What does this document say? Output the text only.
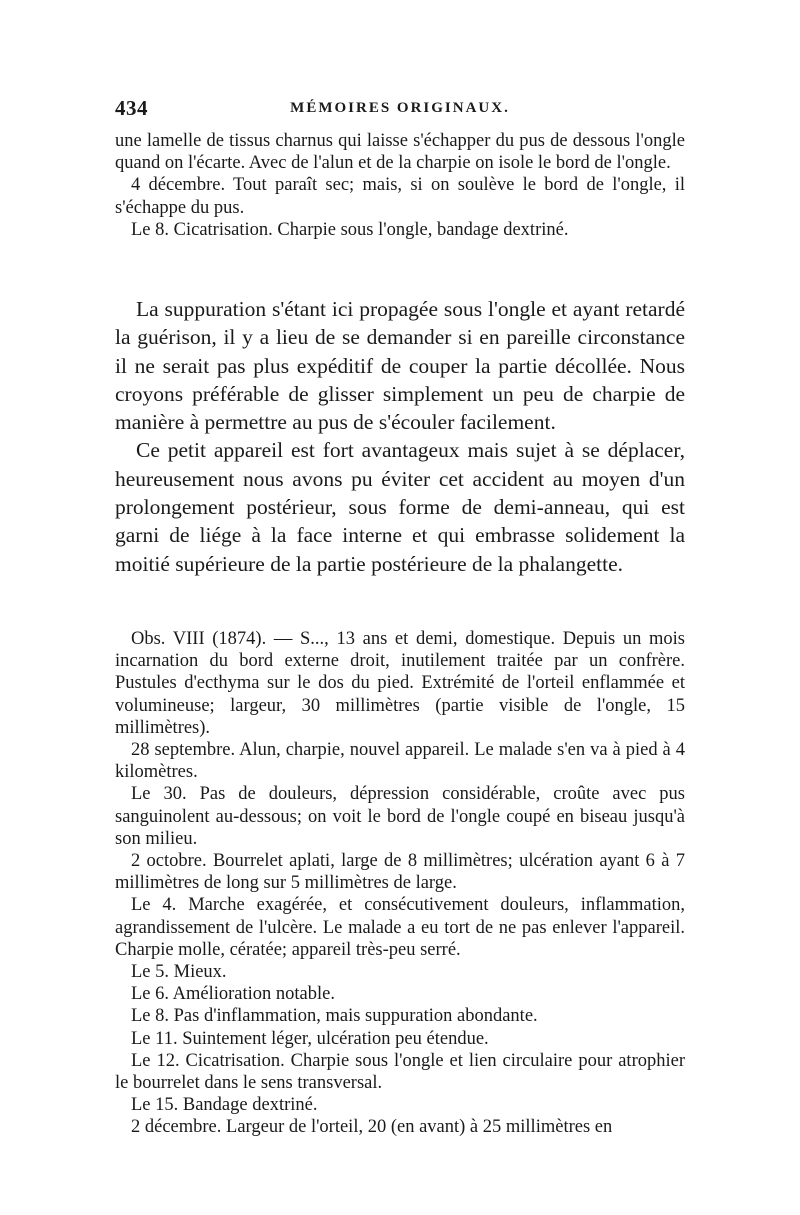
434	MÉMOIRES ORIGINAUX.

une lamelle de tissus charnus qui laisse s'échapper du pus de dessous l'ongle quand on l'écarte. Avec de l'alun et de la charpie on isole le bord de l'ongle.

4 décembre. Tout paraît sec; mais, si on soulève le bord de l'ongle, il s'échappe du pus.

Le 8. Cicatrisation. Charpie sous l'ongle, bandage dextriné.

La suppuration s'étant ici propagée sous l'ongle et ayant retardé la guérison, il y a lieu de se demander si en pareille circonstance il ne serait pas plus expéditif de couper la partie décollée. Nous croyons préférable de glisser simplement un peu de charpie de manière à permettre au pus de s'écouler facilement.

Ce petit appareil est fort avantageux mais sujet à se déplacer, heureusement nous avons pu éviter cet accident au moyen d'un prolongement postérieur, sous forme de demi-anneau, qui est garni de liége à la face interne et qui embrasse solidement la moitié supérieure de la partie postérieure de la phalangette.

Obs. VIII (1874). — S..., 13 ans et demi, domestique. Depuis un mois incarnation du bord externe droit, inutilement traitée par un confrère. Pustules d'ecthyma sur le dos du pied. Extrémité de l'orteil enflammée et volumineuse; largeur, 30 millimètres (partie visible de l'ongle, 15 millimètres).

28 septembre. Alun, charpie, nouvel appareil. Le malade s'en va à pied à 4 kilomètres.

Le 30. Pas de douleurs, dépression considérable, croûte avec pus sanguinolent au-dessous; on voit le bord de l'ongle coupé en biseau jusqu'à son milieu.

2 octobre. Bourrelet aplati, large de 8 millimètres; ulcération ayant 6 à 7 millimètres de long sur 5 millimètres de large.

Le 4. Marche exagérée, et consécutivement douleurs, inflammation, agrandissement de l'ulcère. Le malade a eu tort de ne pas enlever l'appareil. Charpie molle, cératée; appareil très-peu serré.

Le 5. Mieux.

Le 6. Amélioration notable.

Le 8. Pas d'inflammation, mais suppuration abondante.

Le 11. Suintement léger, ulcération peu étendue.

Le 12. Cicatrisation. Charpie sous l'ongle et lien circulaire pour atrophier le bourrelet dans le sens transversal.

Le 15. Bandage dextriné.

2 décembre. Largeur de l'orteil, 20 (en avant) à 25 millimètres en
